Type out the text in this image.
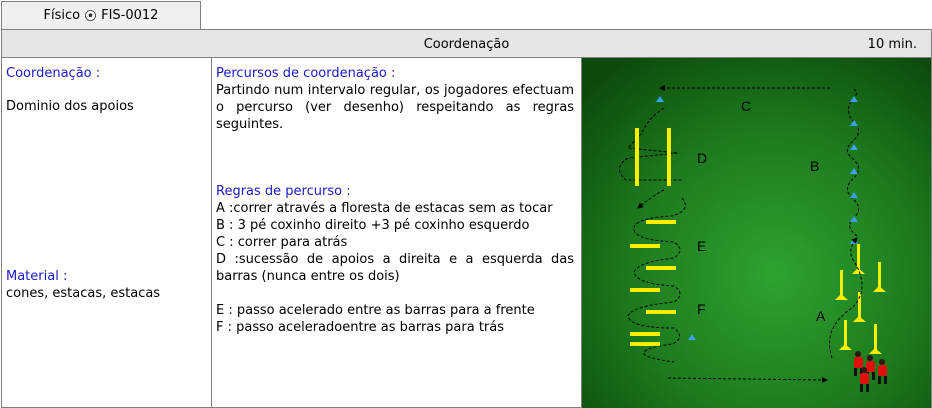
Físico FIS-0012
Coordenação	10 min.
Coordenação :
Dominio dos apoios
Material :
cones, estacas, estacas
Percursos de coordenação :
Partindo num intervalo regular, os jogadores efectuam o percurso (ver desenho) respeitando as regras seguintes.
Regras de percurso :
A :correr através a floresta de estacas sem as tocar
B : 3 pé coxinho direito +3 pé coxinho esquerdo
C : correr para atrás
D :sucessão de apoios a direita e a esquerda das barras (nunca entre os dois)
E : passo acelerado entre as barras para a frente
F : passo aceleradoentre as barras para trás
C
D	B
E
F	A
